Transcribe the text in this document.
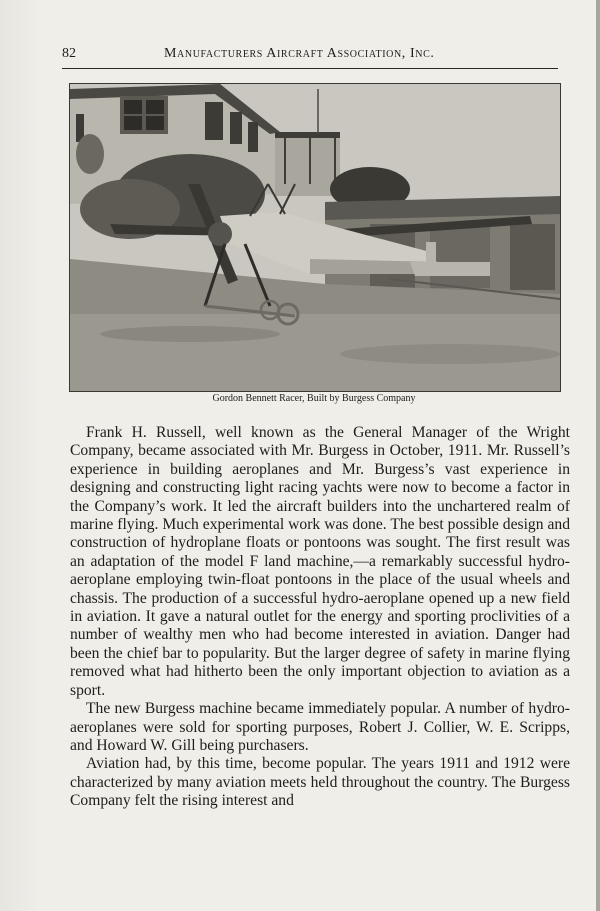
82	Manufacturers Aircraft Association, Inc.
Gordon Bennett Racer, Built by Burgess Company

Frank H. Russell, well known as the General Manager of the Wright Company, became associated with Mr. Burgess in October, 1911. Mr. Russell’s experience in building aeroplanes and Mr. Burgess’s vast experience in designing and constructing light racing yachts were now to become a factor in the Company’s work. It led the aircraft builders into the unchartered realm of marine flying. Much experimental work was done. The best possible design and construction of hydroplane floats or pontoons was sought. The first result was an adaptation of the model F land machine,—a remarkably successful hydro-aeroplane employing twin-float pontoons in the place of the usual wheels and chassis. The production of a successful hydro-aeroplane opened up a new field in aviation. It gave a natural outlet for the energy and sporting proclivities of a number of wealthy men who had become interested in aviation. Danger had been the chief bar to popularity. But the larger degree of safety in marine flying removed what had hitherto been the only important objection to aviation as a sport.

The new Burgess machine became immediately popular. A number of hydro-aeroplanes were sold for sporting purposes, Robert J. Collier, W. E. Scripps, and Howard W. Gill being purchasers.

Aviation had, by this time, become popular. The years 1911 and 1912 were characterized by many aviation meets held throughout the country. The Burgess Company felt the rising interest and
